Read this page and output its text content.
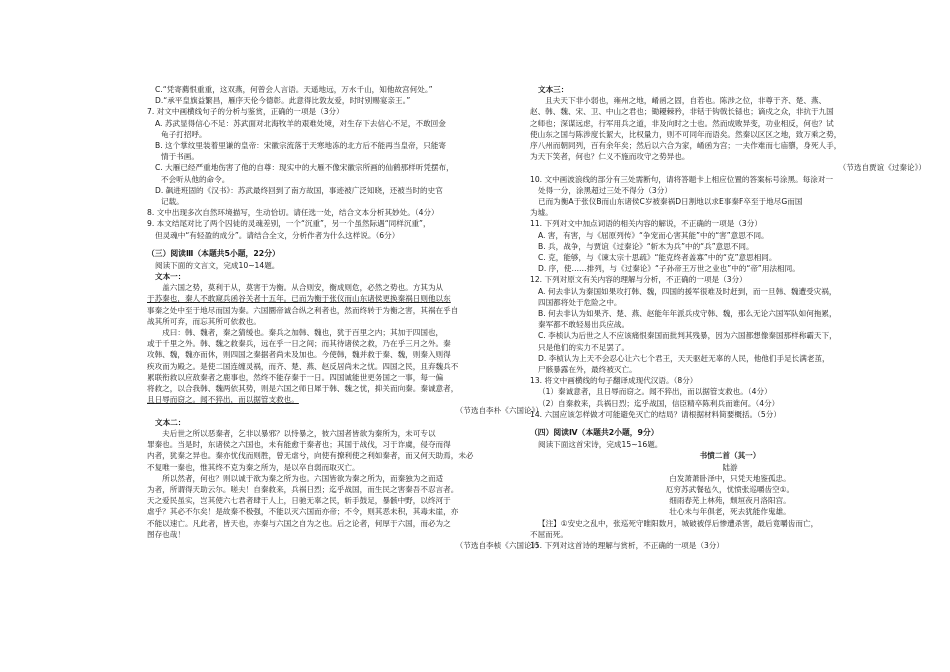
C.“凭寄薦恨重重，这双燕，何曾会人言语。天遥地远，万水千山，知他故宫何处。”
D.“承平皇旗益繁昌，雁序天伦今德彰。此意得比敦友爱，时时别赐宴亲王。”
7. 对文中画横线句子的分析与鉴赏，正确的一项是（3分）
A. 苏武显得信心不足：苏武面对北海牧羊的艰难处境，对生存下去信心不足，不敢回金
龟子打招呼。
B. 这个掌纹里装着里谦的皇帝：宋徽宗流落于天寒地冻的北方后不能再当皇帝，只能寄
情于书画。
C. 大雁已经严重地伤害了他的自尊：现实中的大雁不像宋徽宗所画的仙鹤那样听凭摆布，
不会听从他的命令。
D. 飙进班固的《汉书》：苏武最终回到了南方故国，事迹被广泛知晓，还被当时的史官
记载。
8. 文中出现多次自然环境描写，生动恰切。请任选一处，结合文本分析其妙处。（4分）
9. 本文结尾对比了两个囚徒的灵魂差别，一个“沉重”，另一个虽然际遇“同样沉重”，
但灵魂中“有轻盈的成分”。请结合全文，分析作者为什么这样说。（6分）
（三）阅读Ⅲ（本题共5小题，22分）
阅读下面的文言文，完成10~14题。
文本一：
　　盖六国之势，莫利于从，莫害于为衡。从合则安，衡成则危，必然之势也。方其为从
于苏秦也，秦人不敢窥兵函谷关者十五年。已而为衡于张仪而山东诸侯更换秦祸日则他以东
事秦之处中至于地尽而国为秦。六国圜帝诚合纵之利者也，然而终转于为衡之害，其祸在乎自
战其所可弃，而忘其所可依救也。
　　戍曰：韩、魏者，秦之猜缓也。秦兵之加韩、魏也，犹于百里之内；其加于四国也，
或于千里之外。韩、魏之救秦兵，远在乎一日之间；而其待诸侯之救，乃在乎三月之外。秦
攻韩、魏，魏亦而休，则四国之秦据者尚未及加也。今使韩，魏并救于秦、魏，则秦入则得
疾攻而为殿之。是使二国连缠灵祸，而齐、楚、燕、赵反居尚未之忧。四国之民，且弃魏兵不
累联衔救以应敌秦者之鹿事也，然终不能存秦于一日。四国诚能世更务国之一事，每一偏
将救之，以合我韩、魏两依其势，则是六国之师日犀于韩、魏之忧，抑关而向秦。秦诚意者，
且日辱而窃之。闻不猝出，而以据管支救也。
（节选自李朴《六国论》）
文本二：
　　夫后世之所以恶秦者，乞非以暴邪？以恃暴之，彼六国者皆欲为秦所为，未可专以
罪秦也。当是时，东诸侯之六国也，未有能愈于秦者也；其国于战伐，习于诈虞，侵夺而得
内者，犹秦之异也。秦亦忧伐而则胜，曾无虐兮，向使有撩利使之利如秦者，而又何天助焉，未必
不复唯一秦也，惟其终不克为秦之所为，是以卒自弱而取灭亡。
　　所以然者，何也？则以诚于欲为秦之所为也。六国皆欲为秦之所为，而秦独为之而适
为者，所谓得天助云尔。嗟夫！自秦救来，兵祸日烈；迄乎战国，而生民之害秦吾不忍言者。
天之爱民虽实，岂其使六七君者肆于人上，日驰无辜之民，斩手鼓足，暴骸中野，以终河于
虐乎？其必不尔矣！是故秦不极强，不能以灭六国而亦帝；不令，则其恶未积，其毒未崖，亦
不能以速亡。凡此者，皆天也，亦秦与六国之自为之也。后之论者，何厚于六国，而必为之
图存也哉！
（节选自李桢《六国论》）
文本三：
　　且夫天下非小弱也，雍州之地，崤函之固，自若也。陈涉之位，非尊于齐、楚、燕、
赵、韩、魏、宋、卫、中山之君也；锄耰棘矜，非铦于钩戟长铩也；谪戍之众，非抗于九国
之师也；深谋远虑，行军用兵之道，非及向时之士也。然而成败异变，功业相反，何也？试
使山东之国与陈涉度长絜大，比权量力，则不可同年而语矣。然秦以区区之地，致万乘之势，
序八州而朝同列，百有余年矣；然后以六合为家，崤函为宫；一夫作难而七庙隳，身死人手，
为天下笑者，何也？仁义不施而攻守之势异也。
（节选自贾谊《过秦论》）
10. 文中画波浪线的部分有三处需断句，请将答题卡上相应位置的答案标号涂黑。每涂对一
处得一分，涂黑超过三处不得分（3分）
已而为衡A于张仪B而山东诸侯C岁被秦祸D日割地以求E事秦F卒至于地尽G而国
为墟。
11. 下列对文中加点词语的相关内容的解说，不正确的一项是（3分）
A. 害，有害，与《屈原列传》“争宠而心害其能”中的“害”意思不同。
B. 兵，战争，与贾谊《过秦论》“斩木为兵”中的“兵”意思不同。
C. 克，能够，与《谏太宗十思疏》“能克终者盖寡”中的“克”意思相同。
D. 序，使……排列，与《过秦论》“子孙帝王万世之业也”中的“帝”用法相同。
12. 下列对原文有关内容的理解与分析，不正确的一项是（3分）
A. 何去非认为秦国如果攻打韩、魏，四国的援军很难及时赶到，而一旦韩、魏遭受灾祸，
四国都将处于危险之中。
B. 何去非认为如果齐、楚、燕、赵能年年派兵戍守韩、魏，那么无论六国军队如何拖累，
秦军都不敢轻易出兵应战。
C. 李桢认为后世之人不应该痛恨秦国而批判其残暴，因为六国都想像秦国那样称霸天下，
只是他们的实力不足罢了。
D. 李桢认为上天不会忍心让六七个君王，天天驱赶无辜的人民，他他们手足长满老茧，
尸骸暴露在外，最终被灭亡。
13. 将文中画横线的句子翻译成现代汉语。（8分）
（1）秦诚意者，且日辱而窃之。闻不猝出，而以据管支救也。（4分）
（2）自秦救来，兵祸日烈；迄乎战国，信臣精卒陈利兵而谁何。（4分）
14. 六国应该怎样做才可能避免灭亡的结局？请根据材料简要概括。（5分）
（四）阅读Ⅳ（本题共2小题，9分）
阅读下面这首宋诗，完成15~16题。
书愤二首（其一）
陆游
白发萧萧卧泽中，只凭天地鉴孤忠。
厄穷苏武餐毡久，忧愤张巡嚼齿空①。
细雨春芜上林苑，颓垣夜月洛阳宫。
壮心未与年俱老，死去犹能作鬼雄。
【注】①安史之乱中，张巡死守睢阳数月，城破被俘后惨遭杀害，最后竟嚼齿而亡，
不屈而死。
15. 下列对这首诗的理解与赏析，不正确的一项是（3分）
